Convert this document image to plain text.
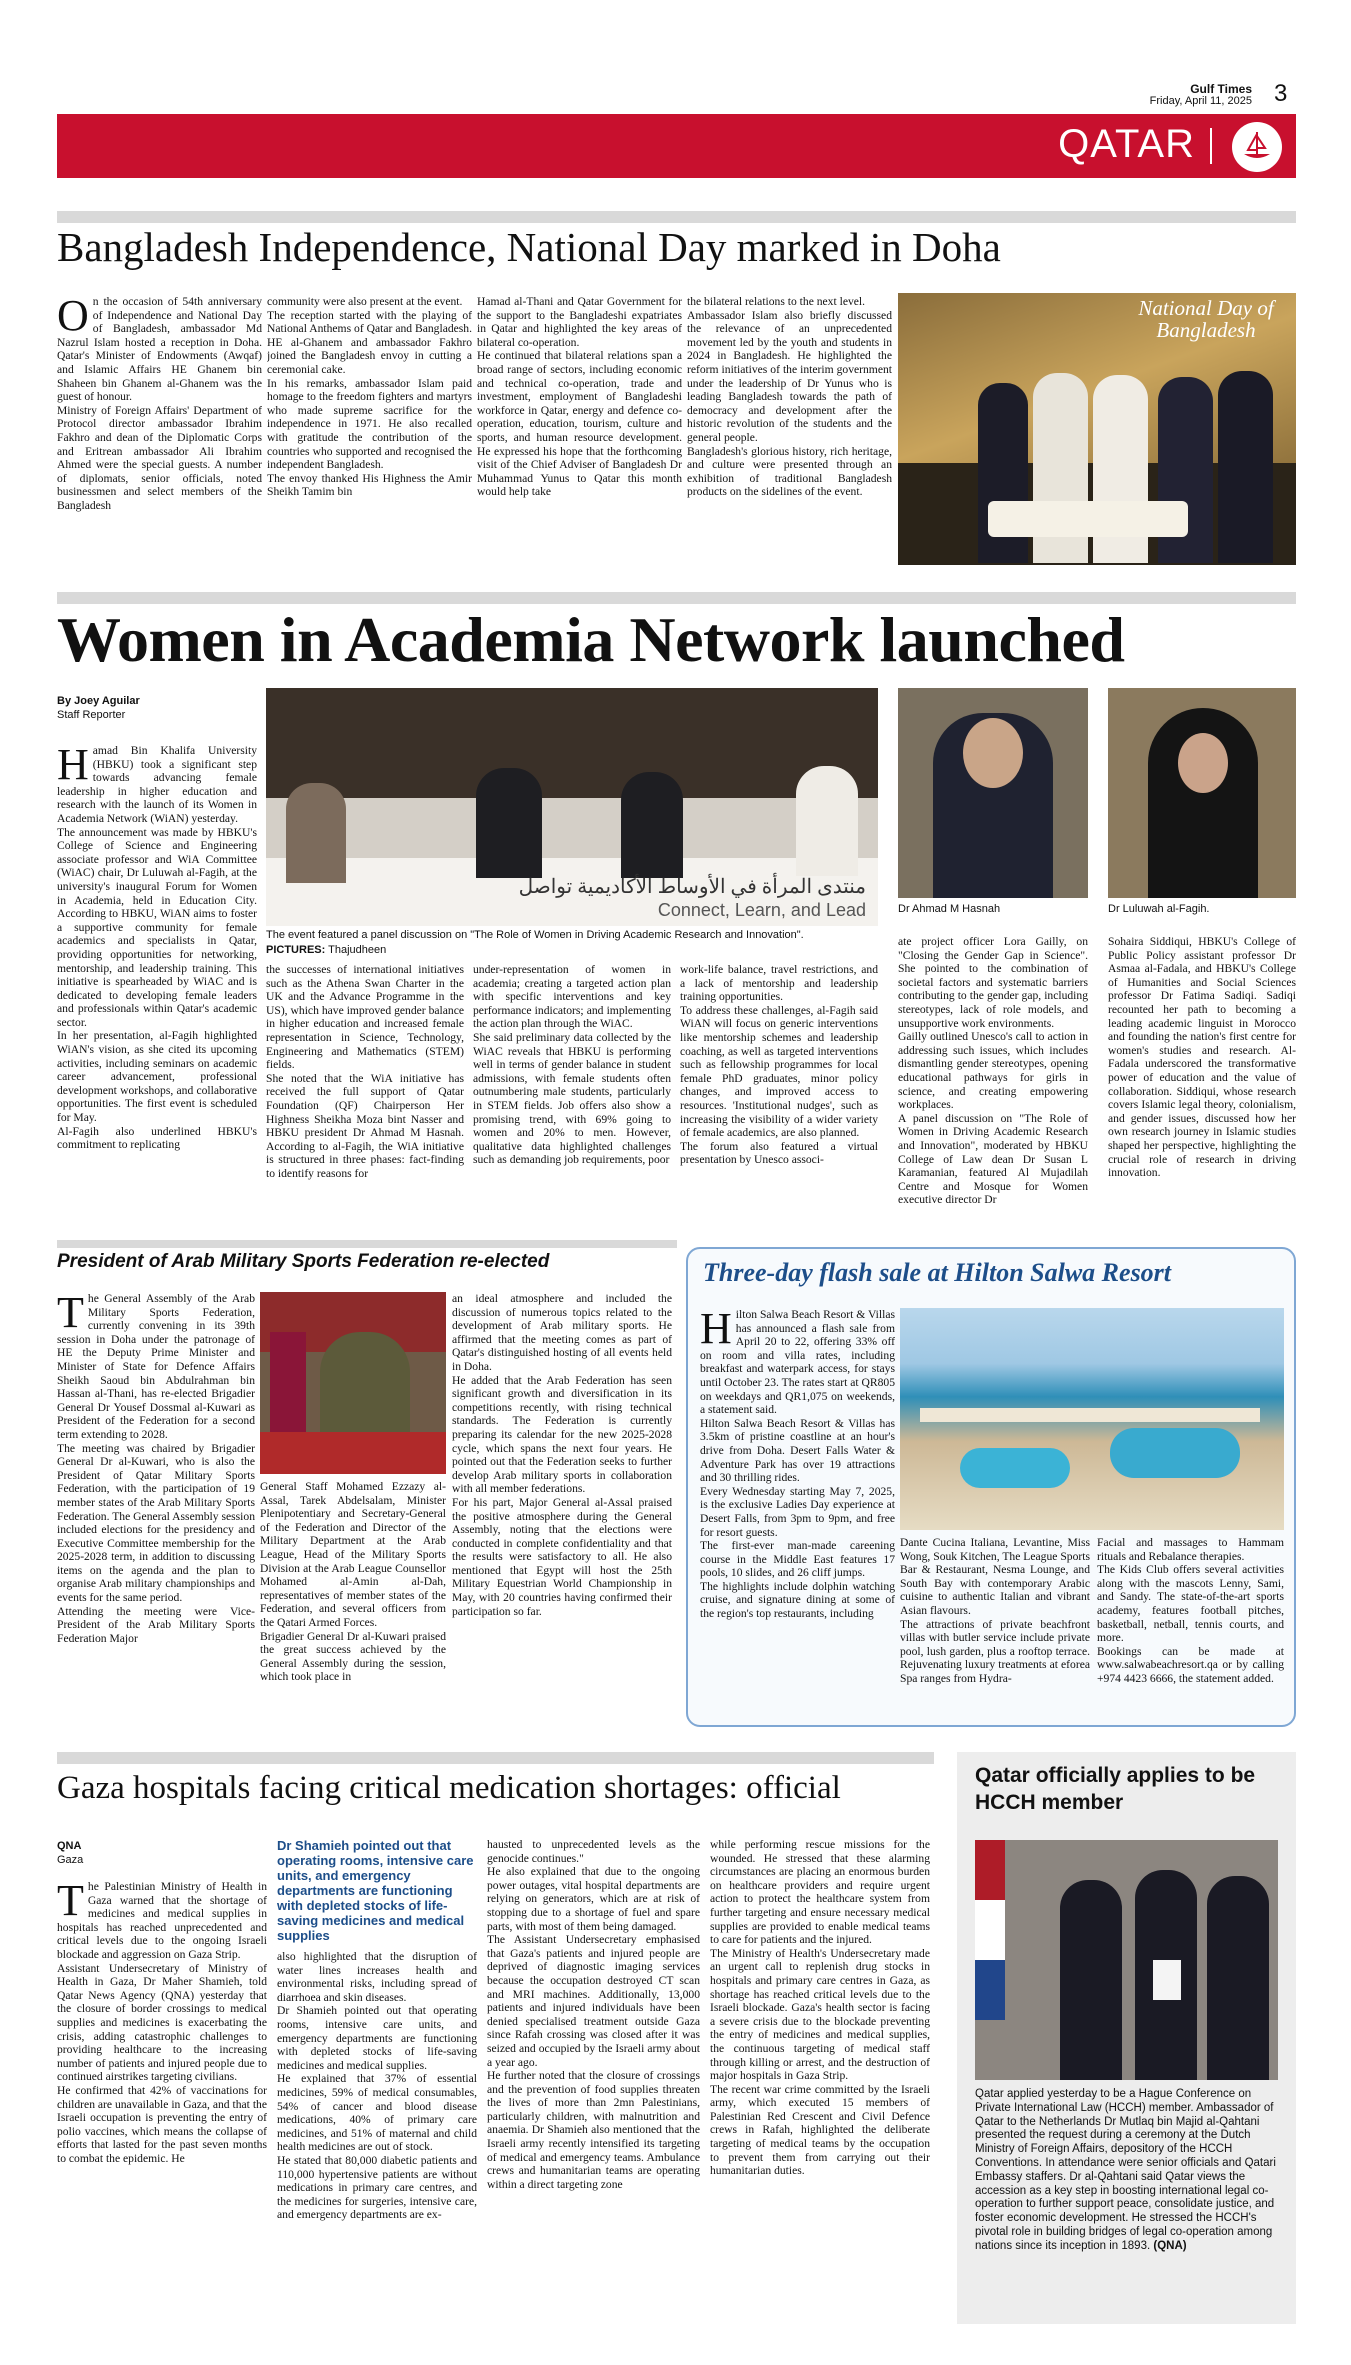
Gulf Times
Friday, April 11, 2025 3
QATAR
Bangladesh Independence, National Day marked in Doha
On the occasion of 54th anniversary of Independence and National Day of Bangladesh, ambassador Md Nazrul Islam hosted a reception in Doha. Qatar's Minister of Endowments (Awqaf) and Islamic Affairs HE Ghanem bin Shaheen bin Ghanem al-Ghanem was the guest of honour.
Ministry of Foreign Affairs' Department of Protocol director ambassador Ibrahim Fakhro and dean of the Diplomatic Corps and Eritrean ambassador Ali Ibrahim Ahmed were the special guests. A number of diplomats, senior officials, noted businessmen and select members of the Bangladesh
community were also present at the event.
The reception started with the playing of National Anthems of Qatar and Bangladesh. HE al-Ghanem and ambassador Fakhro joined the Bangladesh envoy in cutting a ceremonial cake.
In his remarks, ambassador Islam paid homage to the freedom fighters and martyrs who made supreme sacrifice for the independence in 1971. He also recalled with gratitude the contribution of the countries who supported and recognised the independent Bangladesh.
The envoy thanked His Highness the Amir Sheikh Tamim bin
Hamad al-Thani and Qatar Government for the support to the Bangladeshi expatriates in Qatar and highlighted the key areas of bilateral co-operation.
He continued that bilateral relations span a broad range of sectors, including economic and technical co-operation, trade and investment, employment of Bangladeshi workforce in Qatar, energy and defence co-operation, education, tourism, culture and sports, and human resource development. He expressed his hope that the forthcoming visit of the Chief Adviser of Bangladesh Dr Muhammad Yunus to Qatar this month would help take
the bilateral relations to the next level.
Ambassador Islam also briefly discussed the relevance of an unprecedented movement led by the youth and students in 2024 in Bangladesh. He highlighted the reform initiatives of the interim government under the leadership of Dr Yunus who is leading Bangladesh towards the path of democracy and development after the historic revolution of the students and the general people.
Bangladesh's glorious history, rich heritage, and culture were presented through an exhibition of traditional Bangladesh products on the sidelines of the event.
National Day of Bangladesh
Women in Academia Network launched
By Joey Aguilar
Staff Reporter
Hamad Bin Khalifa University (HBKU) took a significant step towards advancing female leadership in higher education and research with the launch of its Women in Academia Network (WiAN) yesterday.
The announcement was made by HBKU's College of Science and Engineering associate professor and WiA Committee (WiAC) chair, Dr Luluwah al-Fagih, at the university's inaugural Forum for Women in Academia, held in Education City. According to HBKU, WiAN aims to foster a supportive community for female academics and specialists in Qatar, providing opportunities for networking, mentorship, and leadership training. This initiative is spearheaded by WiAC and is dedicated to developing female leaders and professionals within Qatar's academic sector.
In her presentation, al-Fagih highlighted WiAN's vision, as she cited its upcoming activities, including seminars on academic career advancement, professional development workshops, and collaborative opportunities. The first event is scheduled for May.
Al-Fagih also underlined HBKU's commitment to replicating
منتدى المرأة في الأوساط الأكاديمية تواصل
Connect, Learn, and Lead
The event featured a panel discussion on "The Role of Women in Driving Academic Research and Innovation".
PICTURES: Thajudheen
Dr Ahmad M Hasnah	Dr Luluwah al-Fagih.
the successes of international initiatives such as the Athena Swan Charter in the UK and the Advance Programme in the US), which have improved gender balance in higher education and increased female representation in Science, Technology, Engineering and Mathematics (STEM) fields.
She noted that the WiA initiative has received the full support of Qatar Foundation (QF) Chairperson Her Highness Sheikha Moza bint Nasser and HBKU president Dr Ahmad M Hasnah. According to al-Fagih, the WiA initiative is structured in three phases: fact-finding to identify reasons for
under-representation of women in academia; creating a targeted action plan with specific interventions and key performance indicators; and implementing the action plan through the WiAC.
She said preliminary data collected by the WiAC reveals that HBKU is performing well in terms of gender balance in student admissions, with female students often outnumbering male students, particularly in STEM fields. Job offers also show a promising trend, with 69% going to women and 20% to men. However, qualitative data highlighted challenges such as demanding job requirements, poor
work-life balance, travel restrictions, and a lack of mentorship and leadership training opportunities.
To address these challenges, al-Fagih said WiAN will focus on generic interventions like mentorship schemes and leadership coaching, as well as targeted interventions such as fellowship programmes for local female PhD graduates, minor policy changes, and improved access to resources. 'Institutional nudges', such as increasing the visibility of a wider variety of female academics, are also planned.
The forum also featured a virtual presentation by Unesco associ-
ate project officer Lora Gailly, on "Closing the Gender Gap in Science". She pointed to the combination of societal factors and systematic barriers contributing to the gender gap, including stereotypes, lack of role models, and unsupportive work environments.
Gailly outlined Unesco's call to action in addressing such issues, which includes dismantling gender stereotypes, opening educational pathways for girls in science, and creating empowering workplaces.
A panel discussion on "The Role of Women in Driving Academic Research and Innovation", moderated by HBKU College of Law dean Dr Susan L Karamanian, featured Al Mujadilah Centre and Mosque for Women executive director Dr
Sohaira Siddiqui, HBKU's College of Public Policy assistant professor Dr Asmaa al-Fadala, and HBKU's College of Humanities and Social Sciences professor Dr Fatima Sadiqi. Sadiqi recounted her path to becoming a leading academic linguist in Morocco and founding the nation's first centre for women's studies and research. Al-Fadala underscored the transformative power of education and the value of collaboration. Siddiqui, whose research covers Islamic legal theory, colonialism, and gender issues, discussed how her own research journey in Islamic studies shaped her perspective, highlighting the crucial role of research in driving innovation.
President of Arab Military Sports Federation re-elected
The General Assembly of the Arab Military Sports Federation, currently convening in its 39th session in Doha under the patronage of HE the Deputy Prime Minister and Minister of State for Defence Affairs Sheikh Saoud bin Abdulrahman bin Hassan al-Thani, has re-elected Brigadier General Dr Yousef Dossmal al-Kuwari as President of the Federation for a second term extending to 2028.
The meeting was chaired by Brigadier General Dr al-Kuwari, who is also the President of Qatar Military Sports Federation, with the participation of 19 member states of the Arab Military Sports Federation. The General Assembly session included elections for the presidency and Executive Committee membership for the 2025-2028 term, in addition to discussing items on the agenda and the plan to organise Arab military championships and events for the same period.
Attending the meeting were Vice-President of the Arab Military Sports Federation Major
General Staff Mohamed Ezzazy al-Assal, Tarek Abdelsalam, Minister Plenipotentiary and Secretary-General of the Federation and Director of the Military Department at the Arab League, Head of the Military Sports Division at the Arab League Counsellor Mohamed al-Amin al-Dah, representatives of member states of the Federation, and several officers from the Qatari Armed Forces.
Brigadier General Dr al-Kuwari praised the great success achieved by the General Assembly during the session, which took place in
an ideal atmosphere and included the discussion of numerous topics related to the development of Arab military sports. He affirmed that the meeting comes as part of Qatar's distinguished hosting of all events held in Doha.
He added that the Arab Federation has seen significant growth and diversification in its competitions recently, with rising technical standards. The Federation is currently preparing its calendar for the new 2025-2028 cycle, which spans the next four years. He pointed out that the Federation seeks to further develop Arab military sports in collaboration with all member federations.
For his part, Major General al-Assal praised the positive atmosphere during the General Assembly, noting that the elections were conducted in complete confidentiality and that the results were satisfactory to all. He also mentioned that Egypt will host the 25th Military Equestrian World Championship in May, with 20 countries having confirmed their participation so far.
Three-day flash sale at Hilton Salwa Resort
Hilton Salwa Beach Resort & Villas has announced a flash sale from April 20 to 22, offering 33% off on room and villa rates, including breakfast and waterpark access, for stays until October 23. The rates start at QR805 on weekdays and QR1,075 on weekends, a statement said.
Hilton Salwa Beach Resort & Villas has 3.5km of pristine coastline at an hour's drive from Doha. Desert Falls Water & Adventure Park has over 19 attractions and 30 thrilling rides.
Every Wednesday starting May 7, 2025, is the exclusive Ladies Day experience at Desert Falls, from 3pm to 9pm, and free for resort guests.
The first-ever man-made careening course in the Middle East features 17 pools, 10 slides, and 26 cliff jumps.
The highlights include dolphin watching cruise, and signature dining at some of the region's top restaurants, including
Dante Cucina Italiana, Levantine, Miss Wong, Souk Kitchen, The League Sports Bar & Restaurant, Nesma Lounge, and South Bay with contemporary Arabic cuisine to authentic Italian and vibrant Asian flavours.
The attractions of private beachfront villas with butler service include private pool, lush garden, plus a rooftop terrace. Rejuvenating luxury treatments at eforea Spa ranges from Hydra-
Facial and massages to Hammam rituals and Rebalance therapies.
The Kids Club offers several activities along with the mascots Lenny, Sami, and Sandy. The state-of-the-art sports academy, features football pitches, basketball, netball, tennis courts, and more.
Bookings can be made at www.salwabeachresort.qa or by calling +974 4423 6666, the statement added.
Gaza hospitals facing critical medication shortages: official
QNA
Gaza
The Palestinian Ministry of Health in Gaza warned that the shortage of medicines and medical supplies in hospitals has reached unprecedented and critical levels due to the ongoing Israeli blockade and aggression on Gaza Strip.
Assistant Undersecretary of Ministry of Health in Gaza, Dr Maher Shamieh, told Qatar News Agency (QNA) yesterday that the closure of border crossings to medical supplies and medicines is exacerbating the crisis, adding catastrophic challenges to providing healthcare to the increasing number of patients and injured people due to continued airstrikes targeting civilians.
He confirmed that 42% of vaccinations for children are unavailable in Gaza, and that the Israeli occupation is preventing the entry of polio vaccines, which means the collapse of efforts that lasted for the past seven months to combat the epidemic. He
Dr Shamieh pointed out that operating rooms, intensive care units, and emergency departments are functioning with depleted stocks of life-saving medicines and medical supplies
also highlighted that the disruption of water lines increases health and environmental risks, including spread of diarrhoea and skin diseases.
Dr Shamieh pointed out that operating rooms, intensive care units, and emergency departments are functioning with depleted stocks of life-saving medicines and medical supplies.
He explained that 37% of essential medicines, 59% of medical consumables, 54% of cancer and blood disease medications, 40% of primary care medicines, and 51% of maternal and child health medicines are out of stock.
He stated that 80,000 diabetic patients and 110,000 hypertensive patients are without medications in primary care centres, and the medicines for surgeries, intensive care, and emergency departments are ex-
hausted to unprecedented levels as the genocide continues."
He also explained that due to the ongoing power outages, vital hospital departments are relying on generators, which are at risk of stopping due to a shortage of fuel and spare parts, with most of them being damaged.
The Assistant Undersecretary emphasised that Gaza's patients and injured people are deprived of diagnostic imaging services because the occupation destroyed CT scan and MRI machines. Additionally, 13,000 patients and injured individuals have been denied specialised treatment outside Gaza since Rafah crossing was closed after it was seized and occupied by the Israeli army about a year ago.
He further noted that the closure of crossings and the prevention of food supplies threaten the lives of more than 2mn Palestinians, particularly children, with malnutrition and anaemia. Dr Shamieh also mentioned that the Israeli army recently intensified its targeting of medical and emergency teams. Ambulance crews and humanitarian teams are operating within a direct targeting zone
while performing rescue missions for the wounded. He stressed that these alarming circumstances are placing an enormous burden on healthcare providers and require urgent action to protect the healthcare system from further targeting and ensure necessary medical supplies are provided to enable medical teams to care for patients and the injured.
The Ministry of Health's Undersecretary made an urgent call to replenish drug stocks in hospitals and primary care centres in Gaza, as shortage has reached critical levels due to the Israeli blockade. Gaza's health sector is facing a severe crisis due to the blockade preventing the entry of medicines and medical supplies, the continuous targeting of medical staff through killing or arrest, and the destruction of major hospitals in Gaza Strip.
The recent war crime committed by the Israeli army, which executed 15 members of Palestinian Red Crescent and Civil Defence crews in Rafah, highlighted the deliberate targeting of medical teams by the occupation to prevent them from carrying out their humanitarian duties.
Qatar officially applies to be HCCH member
Qatar applied yesterday to be a Hague Conference on Private International Law (HCCH) member. Ambassador of Qatar to the Netherlands Dr Mutlaq bin Majid al-Qahtani presented the request during a ceremony at the Dutch Ministry of Foreign Affairs, depository of the HCCH Conventions. In attendance were senior officials and Qatari Embassy staffers. Dr al-Qahtani said Qatar views the accession as a key step in boosting international legal co-operation to further support peace, consolidate justice, and foster economic development. He stressed the HCCH's pivotal role in building bridges of legal co-operation among nations since its inception in 1893. (QNA)
